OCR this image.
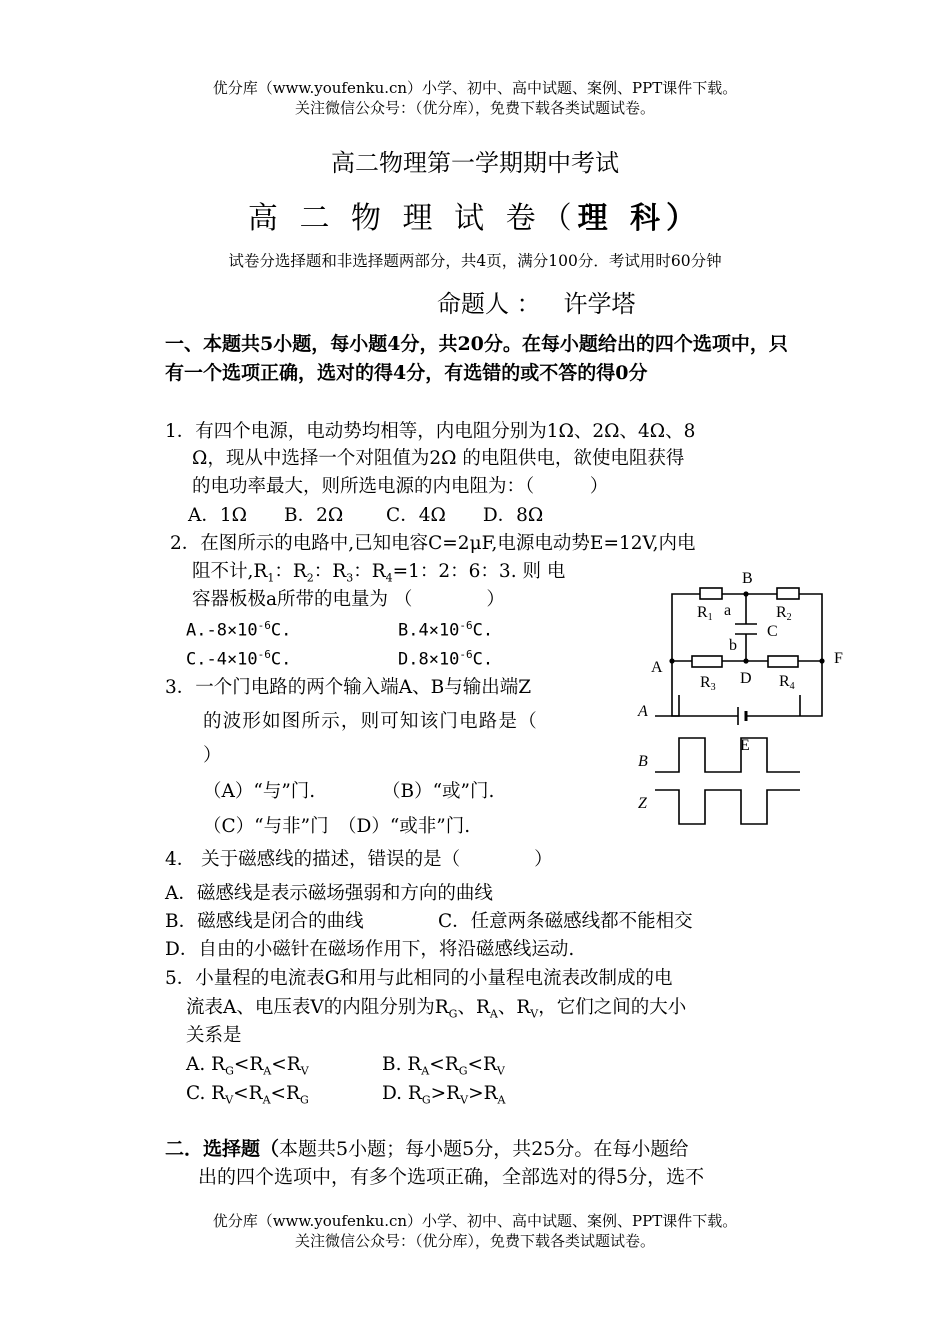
优分库（www.youfenku.cn）小学、初中、高中试题、案例、PPT课件下载。
关注微信公众号：（优分库），免费下载各类试题试卷。
高二物理第一学期期中考试
高 二 物 理 试 卷（理 科）
试卷分选择题和非选择题两部分，共4页，满分100分．考试用时60分钟
命题人 ： 许学塔
一、本题共5小题，每小题4分，共20分。在每小题给出的四个选项中，只有一个选项正确，选对的得4分，有选错的或不答的得0分
1．有四个电源，电动势均相等，内电阻分别为1Ω、2Ω、4Ω、8
Ω，现从中选择一个对阻值为2Ω 的电阻供电，欲使电阻获得
的电功率最大，则所选电源的内电阻为：（　　　）
A．1Ω　　B．2Ω　　 C．4Ω　　D．8Ω
2．在图所示的电路中,已知电容C=2μF,电源电动势E=12V,内电
阻不计$,R_1$：$R_2$：$R_3$：$R_4=1$：2：6：3. 则 电
容器板极a所带的电量为 （　　　　）
$A.-8\times 10^{-6}C$.	$B.4\times 10^{-6}C$.
$C.-4\times 10^{-6}C$.	$D.8\times 10^{-6}C$.
3．一个门电路的两个输入端A、B与输出端Z
的波形如图所示，则可知该门电路是（
）
（A）“与”门.	（B）“或”门.
（C）“与非”门 （D）“或非”门.
4． 关于磁感线的描述，错误的是（　　　　）
A．磁感线是表示磁场强弱和方向的曲线
B．磁感线是闭合的曲线	C．任意两条磁感线都不能相交
D．自由的小磁针在磁场作用下，将沿磁感线运动.
5．小量程的电流表G和用与此相同的小量程电流表改制成的电
流表A、电压表V的内阻分别为$R_G$、$R_A$、$R_V$，它们之间的大小
关系是
A. $R_G<R_A<R_V$	B. $R_A<R_G<R_V$
C. $R_V<R_A<R_G$	D. $R_G>R_V>R_A$
二．选择题（本题共5小题；每小题5分，共25分。在每小题给
出的四个选项中，有多个选项正确，全部选对的得5分，选不
优分库（www.youfenku.cn）小学、初中、高中试题、案例、PPT课件下载。
关注微信公众号：（优分库），免费下载各类试题试卷。
B
R1 a	R2
C
b
A
F
D
R3	R4
E
A
B
Z
